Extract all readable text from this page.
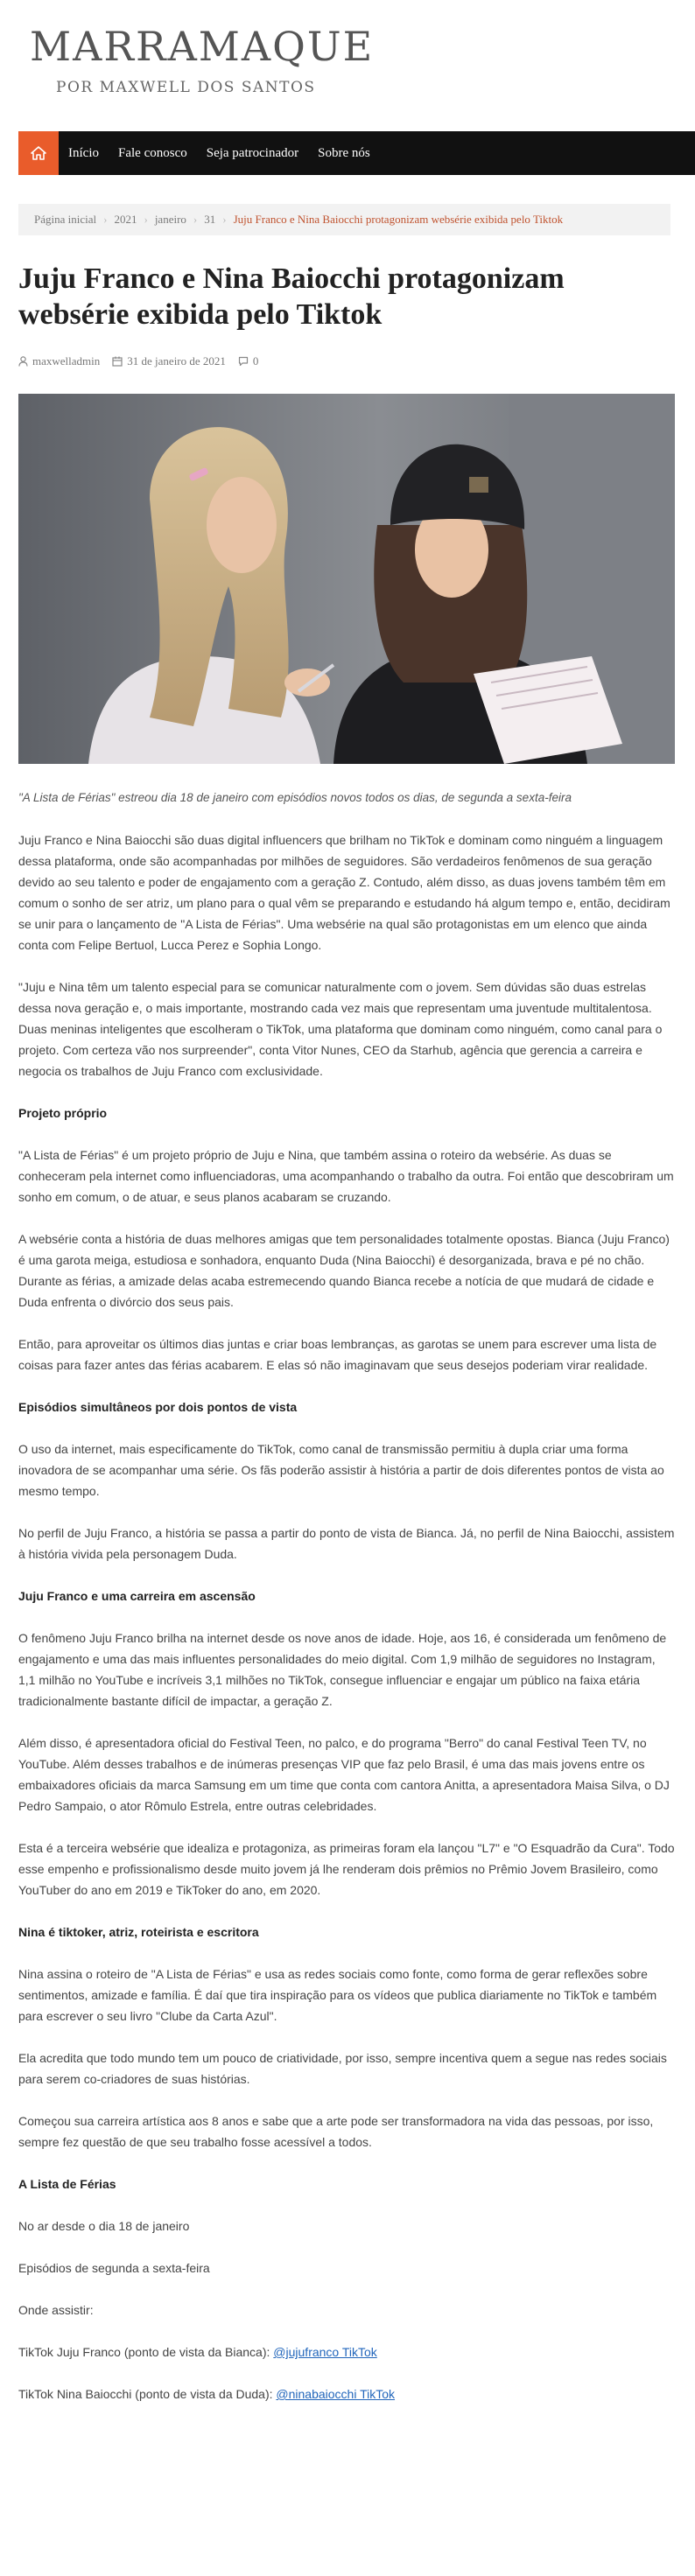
MARRAMAQUE
POR MAXWELL DOS SANTOS
Início	Fale conosco	Seja patrocinador	Sobre nós
Página inicial › 2021 › janeiro › 31 › Juju Franco e Nina Baiocchi protagonizam websérie exibida pelo Tiktok
Juju Franco e Nina Baiocchi protagonizam websérie exibida pelo Tiktok
maxwelladmin 31 de janeiro de 2021 0

"A Lista de Férias" estreou dia 18 de janeiro com episódios novos todos os dias, de segunda a sexta-feira

Juju Franco e Nina Baiocchi são duas digital influencers que brilham no TikTok e dominam como ninguém a linguagem dessa plataforma, onde são acompanhadas por milhões de seguidores. São verdadeiros fenômenos de sua geração devido ao seu talento e poder de engajamento com a geração Z. Contudo, além disso, as duas jovens também têm em comum o sonho de ser atriz, um plano para o qual vêm se preparando e estudando há algum tempo e, então, decidiram se unir para o lançamento de "A Lista de Férias". Uma websérie na qual são protagonistas em um elenco que ainda conta com Felipe Bertuol, Lucca Perez e Sophia Longo.

"Juju e Nina têm um talento especial para se comunicar naturalmente com o jovem. Sem dúvidas são duas estrelas dessa nova geração e, o mais importante, mostrando cada vez mais que representam uma juventude multitalentosa. Duas meninas inteligentes que escolheram o TikTok, uma plataforma que dominam como ninguém, como canal para o projeto. Com certeza vão nos surpreender", conta Vitor Nunes, CEO da Starhub, agência que gerencia a carreira e negocia os trabalhos de Juju Franco com exclusividade.

Projeto próprio

"A Lista de Férias" é um projeto próprio de Juju e Nina, que também assina o roteiro da websérie. As duas se conheceram pela internet como influenciadoras, uma acompanhando o trabalho da outra. Foi então que descobriram um sonho em comum, o de atuar, e seus planos acabaram se cruzando.

A websérie conta a história de duas melhores amigas que tem personalidades totalmente opostas. Bianca (Juju Franco) é uma garota meiga, estudiosa e sonhadora, enquanto Duda (Nina Baiocchi) é desorganizada, brava e pé no chão. Durante as férias, a amizade delas acaba estremecendo quando Bianca recebe a notícia de que mudará de cidade e Duda enfrenta o divórcio dos seus pais.

Então, para aproveitar os últimos dias juntas e criar boas lembranças, as garotas se unem para escrever uma lista de coisas para fazer antes das férias acabarem. E elas só não imaginavam que seus desejos poderiam virar realidade.

Episódios simultâneos por dois pontos de vista

O uso da internet, mais especificamente do TikTok, como canal de transmissão permitiu à dupla criar uma forma inovadora de se acompanhar uma série. Os fãs poderão assistir à história a partir de dois diferentes pontos de vista ao mesmo tempo.

No perfil de Juju Franco, a história se passa a partir do ponto de vista de Bianca. Já, no perfil de Nina Baiocchi, assistem à história vivida pela personagem Duda.

Juju Franco e uma carreira em ascensão

O fenômeno Juju Franco brilha na internet desde os nove anos de idade. Hoje, aos 16, é considerada um fenômeno de engajamento e uma das mais influentes personalidades do meio digital. Com 1,9 milhão de seguidores no Instagram, 1,1 milhão no YouTube e incríveis 3,1 milhões no TikTok, consegue influenciar e engajar um público na faixa etária tradicionalmente bastante difícil de impactar, a geração Z.

Além disso, é apresentadora oficial do Festival Teen, no palco, e do programa "Berro" do canal Festival Teen TV, no YouTube. Além desses trabalhos e de inúmeras presenças VIP que faz pelo Brasil, é uma das mais jovens entre os embaixadores oficiais da marca Samsung em um time que conta com cantora Anitta, a apresentadora Maisa Silva, o DJ Pedro Sampaio, o ator Rômulo Estrela, entre outras celebridades.

Esta é a terceira websérie que idealiza e protagoniza, as primeiras foram ela lançou "L7" e "O Esquadrão da Cura". Todo esse empenho e profissionalismo desde muito jovem já lhe renderam dois prêmios no Prêmio Jovem Brasileiro, como YouTuber do ano em 2019 e TikToker do ano, em 2020.

Nina é tiktoker, atriz, roteirista e escritora

Nina assina o roteiro de "A Lista de Férias" e usa as redes sociais como fonte, como forma de gerar reflexões sobre sentimentos, amizade e família. É daí que tira inspiração para os vídeos que publica diariamente no TikTok e também para escrever o seu livro "Clube da Carta Azul".

Ela acredita que todo mundo tem um pouco de criatividade, por isso, sempre incentiva quem a segue nas redes sociais para serem co-criadores de suas histórias.

Começou sua carreira artística aos 8 anos e sabe que a arte pode ser transformadora na vida das pessoas, por isso, sempre fez questão de que seu trabalho fosse acessível a todos.

A Lista de Férias

No ar desde o dia 18 de janeiro

Episódios de segunda a sexta-feira

Onde assistir:

TikTok Juju Franco (ponto de vista da Bianca): @jujufranco TikTok

TikTok Nina Baiocchi (ponto de vista da Duda): @ninabaiocchi TikTok
